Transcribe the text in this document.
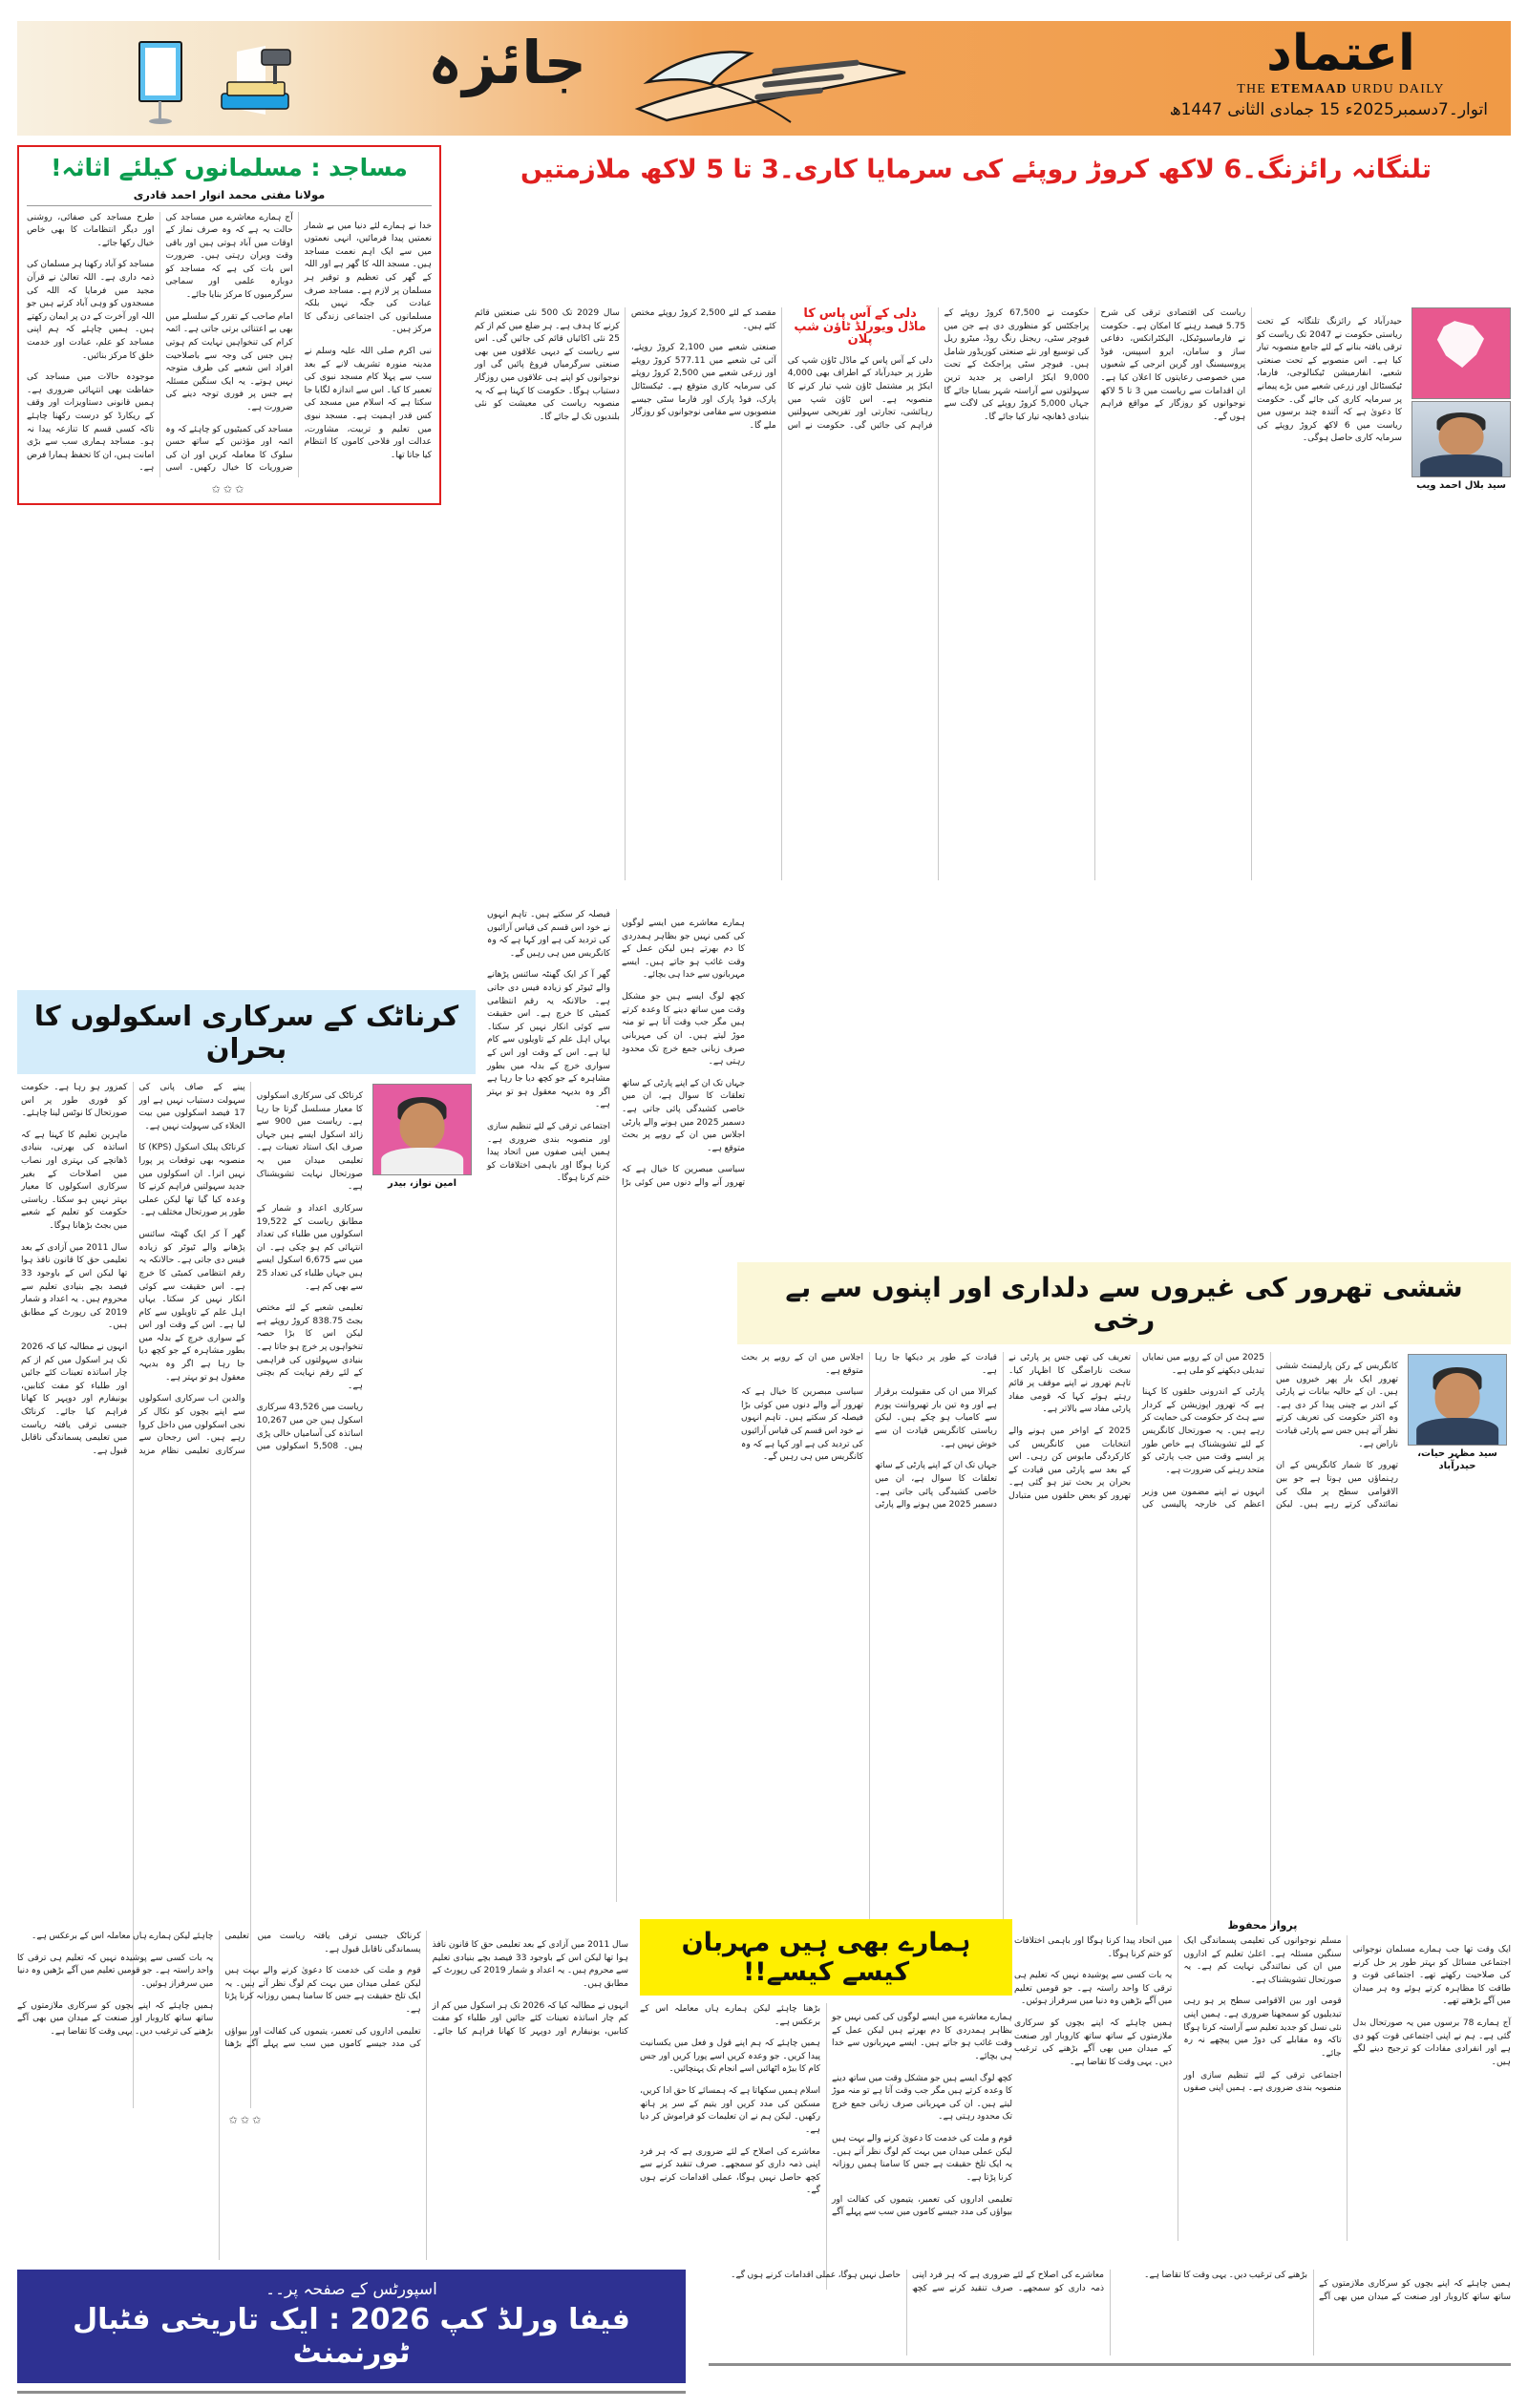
اعتماد
THE ETEMAAD URDU DAILY
اتوار۔7دسمبر2025ء 15 جمادی الثانی 1447ھ
جائزہ
تلنگانہ رائزنگ۔6 لاکھ کروڑ روپئے کی سرمایا کاری۔3 تا 5 لاکھ ملازمتیں
مساجد : مسلمانوں کیلئے اثاثہ!
مولانا مفتی محمد انوار احمد قادری

خدا نے ہمارے لئے دنیا میں بے شمار نعمتیں پیدا فرمائیں، انہی نعمتوں میں سے ایک اہم نعمت مساجد ہیں۔ مسجد اللہ کا گھر ہے اور اللہ کے گھر کی تعظیم و توقیر ہر مسلمان پر لازم ہے۔ مساجد صرف عبادت کی جگہ نہیں بلکہ مسلمانوں کی اجتماعی زندگی کا مرکز ہیں۔

نبی اکرم صلی اللہ علیہ وسلم نے مدینہ منورہ تشریف لانے کے بعد سب سے پہلا کام مسجد نبوی کی تعمیر کا کیا۔ اس سے اندازہ لگایا جا سکتا ہے کہ اسلام میں مسجد کی کس قدر اہمیت ہے۔ مسجد نبوی میں تعلیم و تربیت، مشاورت، عدالت اور فلاحی کاموں کا انتظام کیا جاتا تھا۔

آج ہمارے معاشرے میں مساجد کی حالت یہ ہے کہ وہ صرف نماز کے اوقات میں آباد ہوتی ہیں اور باقی وقت ویران رہتی ہیں۔ ضرورت اس بات کی ہے کہ مساجد کو دوبارہ علمی اور سماجی سرگرمیوں کا مرکز بنایا جائے۔

امام صاحب کے تقرر کے سلسلے میں بھی بے اعتنائی برتی جاتی ہے۔ ائمہ کرام کی تنخواہیں نہایت کم ہوتی ہیں جس کی وجہ سے باصلاحیت افراد اس شعبے کی طرف متوجہ نہیں ہوتے۔ یہ ایک سنگین مسئلہ ہے جس پر فوری توجہ دینے کی ضرورت ہے۔

مساجد کی کمیٹیوں کو چاہئے کہ وہ ائمہ اور مؤذنین کے ساتھ حسن سلوک کا معاملہ کریں اور ان کی ضروریات کا خیال رکھیں۔ اسی طرح مساجد کی صفائی، روشنی اور دیگر انتظامات کا بھی خاص خیال رکھا جائے۔

مساجد کو آباد رکھنا ہر مسلمان کی ذمہ داری ہے۔ اللہ تعالیٰ نے قرآن مجید میں فرمایا کہ اللہ کی مسجدوں کو وہی آباد کرتے ہیں جو اللہ اور آخرت کے دن پر ایمان رکھتے ہیں۔ ہمیں چاہئے کہ ہم اپنی مساجد کو علم، عبادت اور خدمت خلق کا مرکز بنائیں۔

موجودہ حالات میں مساجد کی حفاظت بھی انتہائی ضروری ہے۔ ہمیں قانونی دستاویزات اور وقف کے ریکارڈ کو درست رکھنا چاہئے تاکہ کسی قسم کا تنازعہ پیدا نہ ہو۔ مساجد ہماری سب سے بڑی امانت ہیں، ان کا تحفظ ہمارا فرض ہے۔

✩✩✩	سید بلال احمد ویب

حیدرآباد کے رائزنگ تلنگانہ کے تحت ریاستی حکومت نے 2047 تک ریاست کو ترقی یافتہ بنانے کے لئے جامع منصوبہ تیار کیا ہے۔ اس منصوبے کے تحت صنعتی شعبے، انفارمیشن ٹیکنالوجی، فارما، ٹیکسٹائل اور زرعی شعبے میں بڑے پیمانے پر سرمایہ کاری کی جائے گی۔ حکومت کا دعویٰ ہے کہ آئندہ چند برسوں میں ریاست میں 6 لاکھ کروڑ روپئے کی سرمایہ کاری حاصل ہوگی۔

ریاست کی اقتصادی ترقی کی شرح 5.75 فیصد رہنے کا امکان ہے۔ حکومت نے فارماسیوٹیکل، الیکٹرانکس، دفاعی ساز و سامان، ایرو اسپیس، فوڈ پروسیسنگ اور گرین انرجی کے شعبوں میں خصوصی رعایتوں کا اعلان کیا ہے۔ ان اقدامات سے ریاست میں 3 تا 5 لاکھ نوجوانوں کو روزگار کے مواقع فراہم ہوں گے۔

حکومت نے 67,500 کروڑ روپئے کے پراجکٹس کو منظوری دی ہے جن میں فیوچر سٹی، ریجنل رنگ روڈ، میٹرو ریل کی توسیع اور نئے صنعتی کوریڈور شامل ہیں۔ فیوچر سٹی پراجکٹ کے تحت 9,000 ایکڑ اراضی پر جدید ترین سہولتوں سے آراستہ شہر بسایا جائے گا جہاں 5,000 کروڑ روپئے کی لاگت سے بنیادی ڈھانچہ تیار کیا جائے گا۔

دلی کے آس پاس کا ماڈل ویورلڈ ٹاؤن شپ پلان

دلی کے آس پاس کے ماڈل ٹاؤن شپ کی طرز پر حیدرآباد کے اطراف بھی 4,000 ایکڑ پر مشتمل ٹاؤن شپ تیار کرنے کا منصوبہ ہے۔ اس ٹاؤن شپ میں رہائشی، تجارتی اور تفریحی سہولتیں فراہم کی جائیں گی۔ حکومت نے اس مقصد کے لئے 2,500 کروڑ روپئے مختص کئے ہیں۔

صنعتی شعبے میں 2,100 کروڑ روپئے، آئی ٹی شعبے میں 577.11 کروڑ روپئے اور زرعی شعبے میں 2,500 کروڑ روپئے کی سرمایہ کاری متوقع ہے۔ ٹیکسٹائل پارک، فوڈ پارک اور فارما سٹی جیسے منصوبوں سے مقامی نوجوانوں کو روزگار ملے گا۔

سال 2029 تک 500 نئی صنعتیں قائم کرنے کا ہدف ہے۔ ہر ضلع میں کم از کم 25 نئی اکائیاں قائم کی جائیں گی۔ اس سے ریاست کے دیہی علاقوں میں بھی صنعتی سرگرمیاں فروغ پائیں گی اور نوجوانوں کو اپنے ہی علاقوں میں روزگار دستیاب ہوگا۔ حکومت کا کہنا ہے کہ یہ منصوبہ ریاست کی معیشت کو نئی بلندیوں تک لے جائے گا۔

کرناٹک کے سرکاری اسکولوں کا بحران
امین نواز، بیدر

کرناٹک کی سرکاری اسکولوں کا معیار مسلسل گرتا جا رہا ہے۔ ریاست میں 900 سے زائد اسکول ایسے ہیں جہاں صرف ایک استاد تعینات ہے۔ تعلیمی میدان میں یہ صورتحال نہایت تشویشناک ہے۔

سرکاری اعداد و شمار کے مطابق ریاست کے 19,522 اسکولوں میں طلباء کی تعداد انتہائی کم ہو چکی ہے۔ ان میں سے 6,675 اسکول ایسے ہیں جہاں طلباء کی تعداد 25 سے بھی کم ہے۔

تعلیمی شعبے کے لئے مختص بجٹ 838.75 کروڑ روپئے ہے لیکن اس کا بڑا حصہ تنخواہوں پر خرچ ہو جاتا ہے۔ بنیادی سہولتوں کی فراہمی کے لئے رقم نہایت کم بچتی ہے۔

ریاست میں 43,526 سرکاری اسکول ہیں جن میں 10,267 اساتذہ کی آسامیاں خالی پڑی ہیں۔ 5,508 اسکولوں میں پینے کے صاف پانی کی سہولت دستیاب نہیں ہے اور 17 فیصد اسکولوں میں بیت الخلاء کی سہولت نہیں ہے۔

کرناٹک پبلک اسکول (KPS) کا منصوبہ بھی توقعات پر پورا نہیں اترا۔ ان اسکولوں میں جدید سہولتیں فراہم کرنے کا وعدہ کیا گیا تھا لیکن عملی طور پر صورتحال مختلف ہے۔

گھر آ کر ایک گھنٹہ سائنس پڑھانے والے ٹیوٹر کو زیادہ فیس دی جاتی ہے۔ حالانکہ یہ رقم انتظامی کمیٹی کا خرچ ہے۔ اس حقیقت سے کوئی انکار نہیں کر سکتا۔ یہاں اہل علم کے تاویلوں سے کام لیا ہے۔ اس کے وقت اور اس کے سواری خرچ کے بدلہ میں بطور مشاہرہ کے جو کچھ دیا جا رہا ہے اگر وہ بدیہہ معقول ہو تو بہتر ہے۔

والدین اب سرکاری اسکولوں سے اپنے بچوں کو نکال کر نجی اسکولوں میں داخل کروا رہے ہیں۔ اس رجحان سے سرکاری تعلیمی نظام مزید کمزور ہو رہا ہے۔ حکومت کو فوری طور پر اس صورتحال کا نوٹس لینا چاہئے۔

ماہرین تعلیم کا کہنا ہے کہ اساتذہ کی بھرتی، بنیادی ڈھانچے کی بہتری اور نصاب میں اصلاحات کے بغیر سرکاری اسکولوں کا معیار بہتر نہیں ہو سکتا۔ ریاستی حکومت کو تعلیم کے شعبے میں بجٹ بڑھانا ہوگا۔

سال 2011 میں آزادی کے بعد تعلیمی حق کا قانون نافذ ہوا تھا لیکن اس کے باوجود 33 فیصد بچے بنیادی تعلیم سے محروم ہیں۔ یہ اعداد و شمار 2019 کی رپورٹ کے مطابق ہیں۔

انہوں نے مطالبہ کیا کہ 2026 تک ہر اسکول میں کم از کم چار اساتذہ تعینات کئے جائیں اور طلباء کو مفت کتابیں، یونیفارم اور دوپہر کا کھانا فراہم کیا جائے۔ کرناٹک جیسی ترقی یافتہ ریاست میں تعلیمی پسماندگی ناقابل قبول ہے۔

✩✩✩

ہمارے معاشرے میں ایسے لوگوں کی کمی نہیں جو بظاہر ہمدردی کا دم بھرتے ہیں لیکن عمل کے وقت غائب ہو جاتے ہیں۔ ایسے مہربانوں سے خدا ہی بچائے۔

کچھ لوگ ایسے ہیں جو مشکل وقت میں ساتھ دینے کا وعدہ کرتے ہیں مگر جب وقت آتا ہے تو منہ موڑ لیتے ہیں۔ ان کی مہربانی صرف زبانی جمع خرچ تک محدود رہتی ہے۔

جہاں تک ان کے اپنے پارٹی کے ساتھ تعلقات کا سوال ہے، ان میں خاصی کشیدگی پائی جاتی ہے۔ دسمبر 2025 میں ہونے والے پارٹی اجلاس میں ان کے رویے پر بحث متوقع ہے۔

سیاسی مبصرین کا خیال ہے کہ تھرور آنے والے دنوں میں کوئی بڑا فیصلہ کر سکتے ہیں۔ تاہم انہوں نے خود اس قسم کی قیاس آرائیوں کی تردید کی ہے اور کہا ہے کہ وہ کانگریس میں ہی رہیں گے۔

گھر آ کر ایک گھنٹہ سائنس پڑھانے والے ٹیوٹر کو زیادہ فیس دی جاتی ہے۔ حالانکہ یہ رقم انتظامی کمیٹی کا خرچ ہے۔ اس حقیقت سے کوئی انکار نہیں کر سکتا۔ یہاں اہل علم کے تاویلوں سے کام لیا ہے۔ اس کے وقت اور اس کے سواری خرچ کے بدلہ میں بطور مشاہرہ کے جو کچھ دیا جا رہا ہے اگر وہ بدیہہ معقول ہو تو بہتر ہے۔

اجتماعی ترقی کے لئے تنظیم سازی اور منصوبہ بندی ضروری ہے۔ ہمیں اپنی صفوں میں اتحاد پیدا کرنا ہوگا اور باہمی اختلافات کو ختم کرنا ہوگا۔

ششی تھرور کی غیروں سے دلداری اور اپنوں سے بے رخی
سید مظہر حیات، حیدرآباد

کانگریس کے رکن پارلیمنٹ ششی تھرور ایک بار پھر خبروں میں ہیں۔ ان کے حالیہ بیانات نے پارٹی کے اندر بے چینی پیدا کر دی ہے۔ وہ اکثر حکومت کی تعریف کرتے نظر آتے ہیں جس سے پارٹی قیادت ناراض ہے۔

تھرور کا شمار کانگریس کے ان رہنماؤں میں ہوتا ہے جو بین الاقوامی سطح پر ملک کی نمائندگی کرتے رہے ہیں۔ لیکن 2025 میں ان کے رویے میں نمایاں تبدیلی دیکھنے کو ملی ہے۔

پارٹی کے اندرونی حلقوں کا کہنا ہے کہ تھرور اپوزیشن کے کردار سے ہٹ کر حکومت کی حمایت کر رہے ہیں۔ یہ صورتحال کانگریس کے لئے تشویشناک ہے خاص طور پر ایسے وقت میں جب پارٹی کو متحد رہنے کی ضرورت ہے۔

انہوں نے اپنے مضمون میں وزیر اعظم کی خارجہ پالیسی کی تعریف کی تھی جس پر پارٹی نے سخت ناراضگی کا اظہار کیا۔ تاہم تھرور نے اپنے موقف پر قائم رہتے ہوئے کہا کہ قومی مفاد پارٹی مفاد سے بالاتر ہے۔

2025 کے اواخر میں ہونے والے انتخابات میں کانگریس کی کارکردگی مایوس کن رہی۔ اس کے بعد سے پارٹی میں قیادت کے بحران پر بحث تیز ہو گئی ہے۔ تھرور کو بعض حلقوں میں متبادل قیادت کے طور پر دیکھا جا رہا ہے۔

کیرالا میں ان کی مقبولیت برقرار ہے اور وہ تین بار تھیرواننت پورم سے کامیاب ہو چکے ہیں۔ لیکن ریاستی کانگریس قیادت ان سے خوش نہیں ہے۔

جہاں تک ان کے اپنے پارٹی کے ساتھ تعلقات کا سوال ہے، ان میں خاصی کشیدگی پائی جاتی ہے۔ دسمبر 2025 میں ہونے والے پارٹی اجلاس میں ان کے رویے پر بحث متوقع ہے۔

سیاسی مبصرین کا خیال ہے کہ تھرور آنے والے دنوں میں کوئی بڑا فیصلہ کر سکتے ہیں۔ تاہم انہوں نے خود اس قسم کی قیاس آرائیوں کی تردید کی ہے اور کہا ہے کہ وہ کانگریس میں ہی رہیں گے۔

سال 2011 میں آزادی کے بعد تعلیمی حق کا قانون نافذ ہوا تھا لیکن اس کے باوجود 33 فیصد بچے بنیادی تعلیم سے محروم ہیں۔ یہ اعداد و شمار 2019 کی رپورٹ کے مطابق ہیں۔

انہوں نے مطالبہ کیا کہ 2026 تک ہر اسکول میں کم از کم چار اساتذہ تعینات کئے جائیں اور طلباء کو مفت کتابیں، یونیفارم اور دوپہر کا کھانا فراہم کیا جائے۔ کرناٹک جیسی ترقی یافتہ ریاست میں تعلیمی پسماندگی ناقابل قبول ہے۔

قوم و ملت کی خدمت کا دعویٰ کرنے والے بہت ہیں لیکن عملی میدان میں بہت کم لوگ نظر آتے ہیں۔ یہ ایک تلخ حقیقت ہے جس کا سامنا ہمیں روزانہ کرنا پڑتا ہے۔

تعلیمی اداروں کی تعمیر، یتیموں کی کفالت اور بیواؤں کی مدد جیسے کاموں میں سب سے پہلے آگے بڑھنا چاہئے لیکن ہمارے ہاں معاملہ اس کے برعکس ہے۔

یہ بات کسی سے پوشیدہ نہیں کہ تعلیم ہی ترقی کا واحد راستہ ہے۔ جو قومیں تعلیم میں آگے بڑھیں وہ دنیا میں سرفراز ہوئیں۔

ہمیں چاہئے کہ اپنے بچوں کو سرکاری ملازمتوں کے ساتھ ساتھ کاروبار اور صنعت کے میدان میں بھی آگے بڑھنے کی ترغیب دیں۔ یہی وقت کا تقاضا ہے۔

ہمارے بھی ہیں مہربان کیسے کیسے!!

ہمارے معاشرے میں ایسے لوگوں کی کمی نہیں جو بظاہر ہمدردی کا دم بھرتے ہیں لیکن عمل کے وقت غائب ہو جاتے ہیں۔ ایسے مہربانوں سے خدا ہی بچائے۔

کچھ لوگ ایسے ہیں جو مشکل وقت میں ساتھ دینے کا وعدہ کرتے ہیں مگر جب وقت آتا ہے تو منہ موڑ لیتے ہیں۔ ان کی مہربانی صرف زبانی جمع خرچ تک محدود رہتی ہے۔

قوم و ملت کی خدمت کا دعویٰ کرنے والے بہت ہیں لیکن عملی میدان میں بہت کم لوگ نظر آتے ہیں۔ یہ ایک تلخ حقیقت ہے جس کا سامنا ہمیں روزانہ کرنا پڑتا ہے۔

تعلیمی اداروں کی تعمیر، یتیموں کی کفالت اور بیواؤں کی مدد جیسے کاموں میں سب سے پہلے آگے بڑھنا چاہئے لیکن ہمارے ہاں معاملہ اس کے برعکس ہے۔

ہمیں چاہئے کہ ہم اپنے قول و فعل میں یکسانیت پیدا کریں۔ جو وعدہ کریں اسے پورا کریں اور جس کام کا بیڑہ اٹھائیں اسے انجام تک پہنچائیں۔

اسلام ہمیں سکھاتا ہے کہ ہمسائے کا حق ادا کریں، مسکین کی مدد کریں اور یتیم کے سر پر ہاتھ رکھیں۔ لیکن ہم نے ان تعلیمات کو فراموش کر دیا ہے۔

معاشرے کی اصلاح کے لئے ضروری ہے کہ ہر فرد اپنی ذمہ داری کو سمجھے۔ صرف تنقید کرنے سے کچھ حاصل نہیں ہوگا، عملی اقدامات کرنے ہوں گے۔

پرواز محفوظ

ایک وقت تھا جب ہمارے مسلمان نوجوانی اجتماعی مسائل کو بہتر طور پر حل کرنے کی صلاحیت رکھتے تھے۔ اجتماعی قوت و طاقت کا مظاہرہ کرتے ہوئے وہ ہر میدان میں آگے بڑھتے تھے۔

آج ہمارے 78 برسوں میں یہ صورتحال بدل گئی ہے۔ ہم نے اپنی اجتماعی قوت کھو دی ہے اور انفرادی مفادات کو ترجیح دینے لگے ہیں۔

مسلم نوجوانوں کی تعلیمی پسماندگی ایک سنگین مسئلہ ہے۔ اعلیٰ تعلیم کے اداروں میں ان کی نمائندگی نہایت کم ہے۔ یہ صورتحال تشویشناک ہے۔

قومی اور بین الاقوامی سطح پر ہو رہی تبدیلیوں کو سمجھنا ضروری ہے۔ ہمیں اپنی نئی نسل کو جدید تعلیم سے آراستہ کرنا ہوگا تاکہ وہ مقابلے کی دوڑ میں پیچھے نہ رہ جائے۔

اجتماعی ترقی کے لئے تنظیم سازی اور منصوبہ بندی ضروری ہے۔ ہمیں اپنی صفوں میں اتحاد پیدا کرنا ہوگا اور باہمی اختلافات کو ختم کرنا ہوگا۔

یہ بات کسی سے پوشیدہ نہیں کہ تعلیم ہی ترقی کا واحد راستہ ہے۔ جو قومیں تعلیم میں آگے بڑھیں وہ دنیا میں سرفراز ہوئیں۔

ہمیں چاہئے کہ اپنے بچوں کو سرکاری ملازمتوں کے ساتھ ساتھ کاروبار اور صنعت کے میدان میں بھی آگے بڑھنے کی ترغیب دیں۔ یہی وقت کا تقاضا ہے۔

اسپورٹس کے صفحہ پر۔۔
فیفا ورلڈ کپ 2026 : ایک تاریخی فٹبال ٹورنمنٹ

ہمیں چاہئے کہ اپنے بچوں کو سرکاری ملازمتوں کے ساتھ ساتھ کاروبار اور صنعت کے میدان میں بھی آگے بڑھنے کی ترغیب دیں۔ یہی وقت کا تقاضا ہے۔

معاشرے کی اصلاح کے لئے ضروری ہے کہ ہر فرد اپنی ذمہ داری کو سمجھے۔ صرف تنقید کرنے سے کچھ حاصل نہیں ہوگا، عملی اقدامات کرنے ہوں گے۔
